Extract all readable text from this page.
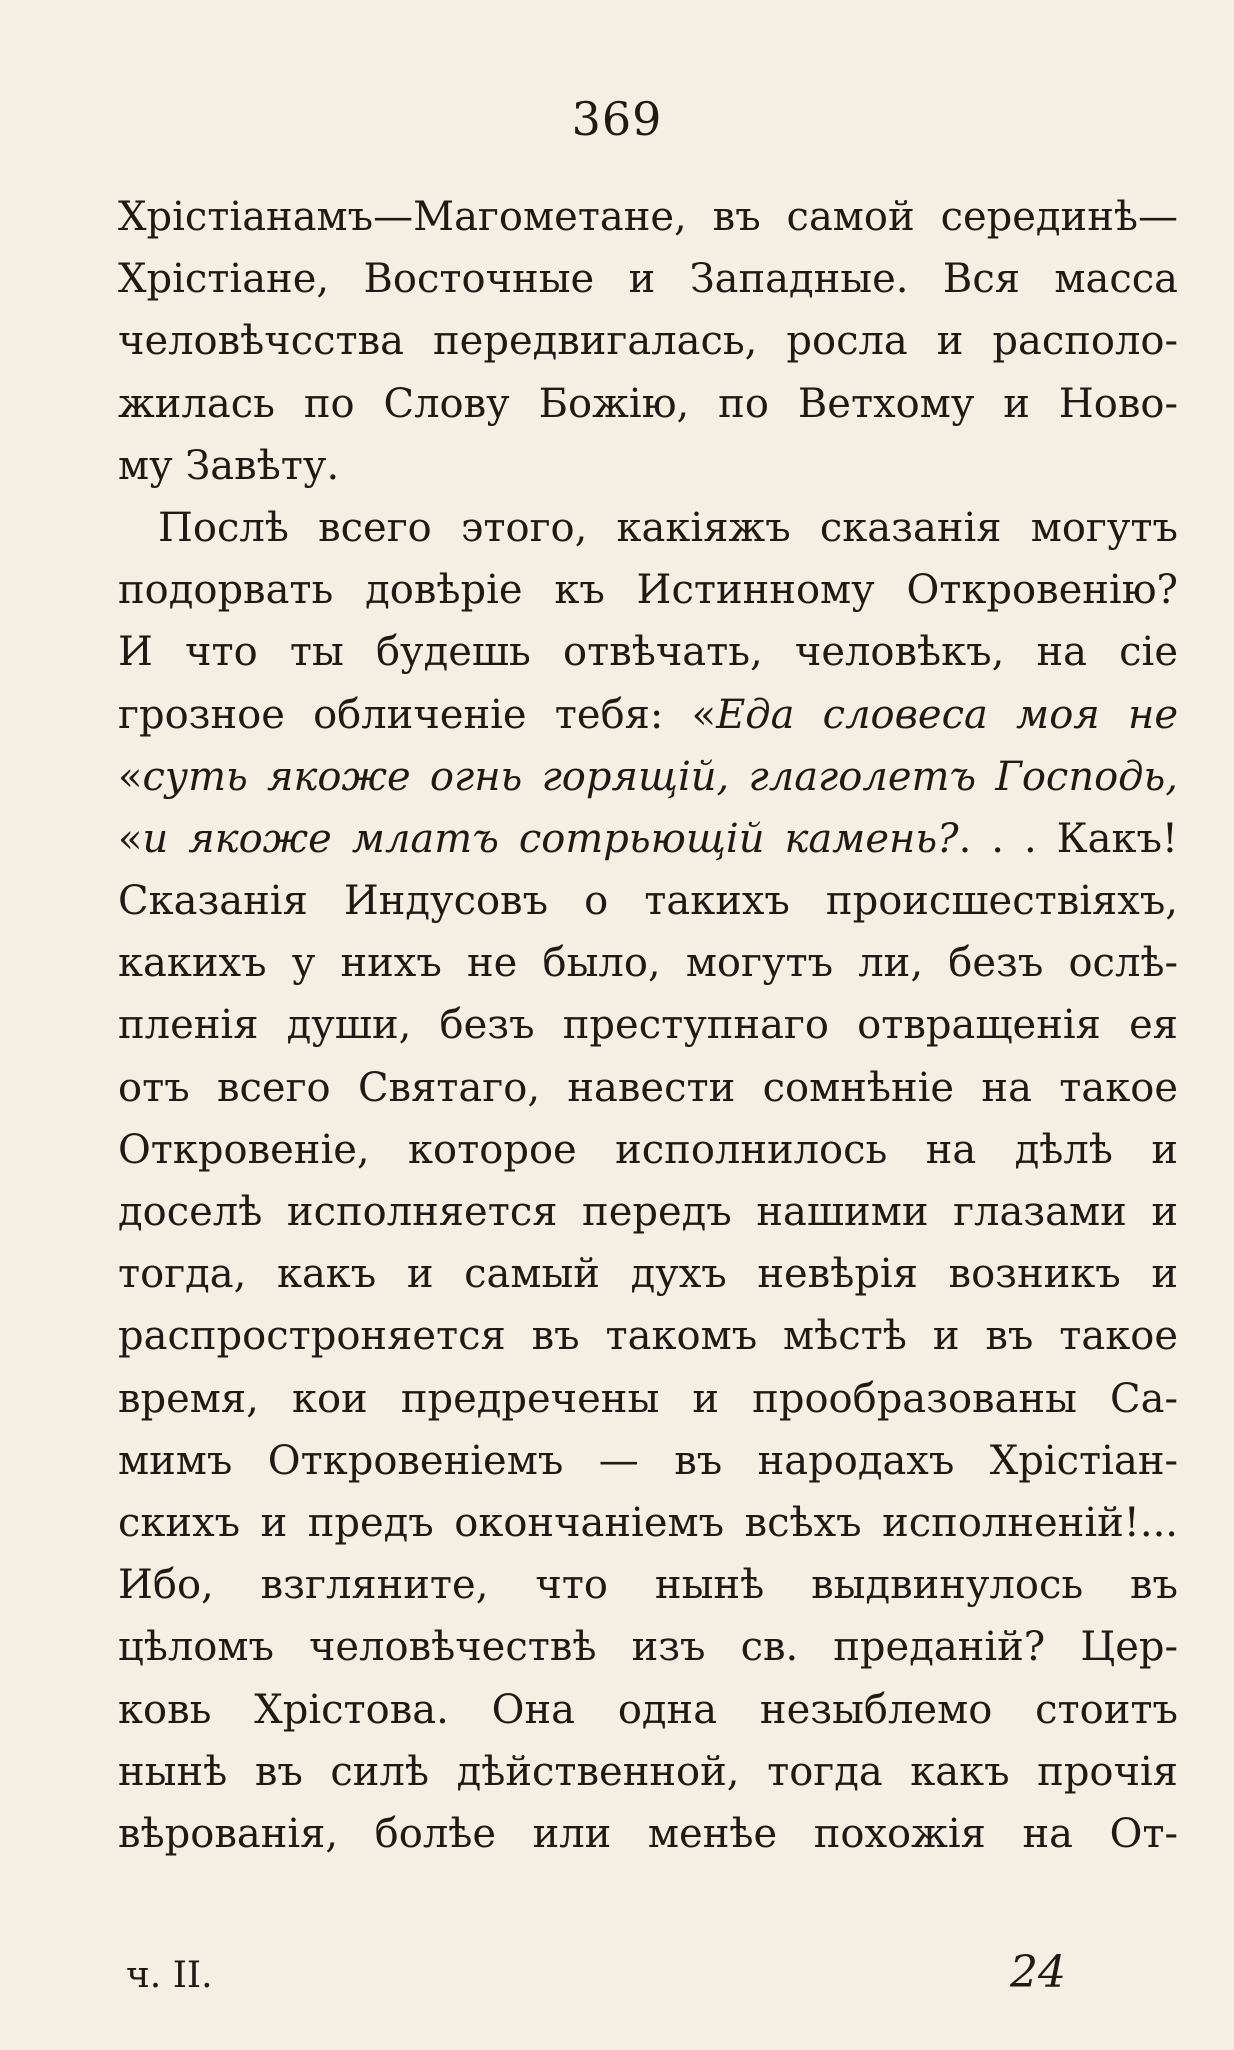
369
Хрістіанамъ—Магометане, въ самой серединѣ—
Хрістіане, Восточные и Западные. Вся масса
человѣчсства передвигалась, росла и располо-
жилась по Слову Божію, по Ветхому и Ново-
му Завѣту.
Послѣ всего этого, какіяжъ сказанія могутъ
подорвать довѣріе къ Истинному Откровенію?
И что ты будешь отвѣчать, человѣкъ, на сіе
грозное обличеніе тебя: «Еда словеса моя не
«суть якоже огнь горящій, глаголетъ Господь,
«и якоже млатъ сотрьющій камень?. . . Какъ!
Сказанія Индусовъ о такихъ происшествіяхъ,
какихъ у нихъ не было, могутъ ли, безъ ослѣ-
пленія души, безъ преступнаго отвращенія ея
отъ всего Святаго, навести сомнѣніе на такое
Откровеніе, которое исполнилось на дѣлѣ и
доселѣ исполняется передъ нашими глазами и
тогда, какъ и самый духъ невѣрія возникъ и
распростроняется въ такомъ мѣстѣ и въ такое
время, кои предречены и прообразованы Са-
мимъ Откровеніемъ — въ народахъ Хрістіан-
скихъ и предъ окончаніемъ всѣхъ исполненій!...
Ибо, взгляните, что нынѣ выдвинулось въ
цѣломъ человѣчествѣ изъ св. преданій? Цер-
ковь Хрістова. Она одна незыблемо стоитъ
нынѣ въ силѣ дѣйственной, тогда какъ прочія
вѣрованія, болѣе или менѣе похожія на От-
ч. II.	24
